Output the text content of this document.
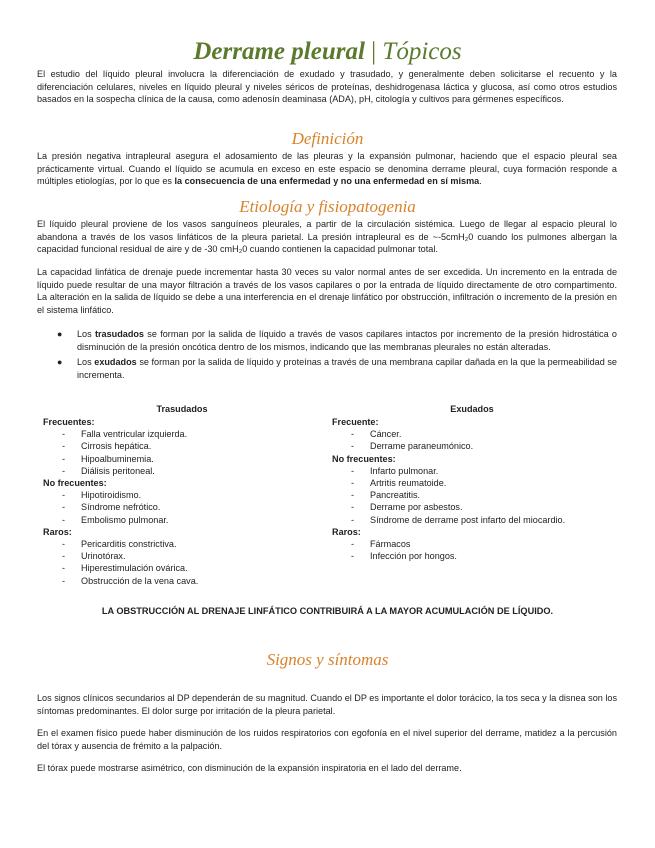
Derrame pleural | Tópicos

El estudio del líquido pleural involucra la diferenciación de exudado y trasudado, y generalmente deben solicitarse el recuento y la diferenciación celulares, niveles en líquido pleural y niveles séricos de proteínas, deshidrogenasa láctica y glucosa, así como otros estudios basados en la sospecha clínica de la causa, como adenosín deaminasa (ADA), pH, citología y cultivos para gérmenes específicos.

Definición

La presión negativa intrapleural asegura el adosamiento de las pleuras y la expansión pulmonar, haciendo que el espacio pleural sea prácticamente virtual. Cuando el líquido se acumula en exceso en este espacio se denomina derrame pleural, cuya formación responde a múltiples etiologías, por lo que es la consecuencia de una enfermedad y no una enfermedad en sí misma.

Etiología y fisiopatogenia

El líquido pleural proviene de los vasos sanguíneos pleurales, a partir de la circulación sistémica. Luego de llegar al espacio pleural lo abandona a través de los vasos linfáticos de la pleura parietal. La presión intrapleural es de ~-5cmH₂0 cuando los pulmones albergan la capacidad funcional residual de aire y de -30 cmH₂0 cuando contienen la capacidad pulmonar total.

La capacidad linfática de drenaje puede incrementar hasta 30 veces su valor normal antes de ser excedida. Un incremento en la entrada de líquido puede resultar de una mayor filtración a través de los vasos capilares o por la entrada de líquido directamente de otro compartimento. La alteración en la salida de líquido se debe a una interferencia en el drenaje linfático por obstrucción, infiltración o incremento de la presión en el sistema linfático.

● Los trasudados se forman por la salida de líquido a través de vasos capilares intactos por incremento de la presión hidrostática o disminución de la presión oncótica dentro de los mismos, indicando que las membranas pleurales no están alteradas.
● Los exudados se forman por la salida de líquido y proteínas a través de una membrana capilar dañada en la que la permeabilidad se incrementa.
Trasudados
Frecuentes:
- Falla ventricular izquierda.
- Cirrosis hepática.
- Hipoalbuminemia.
- Diálisis peritoneal.
No frecuentes:
- Hipotiroidismo.
- Síndrome nefrótico.
- Embolismo pulmonar.
Raros:
- Pericarditis constrictiva.
- Urinotórax.
- Hiperestimulación ovárica.
- Obstrucción de la vena cava.
Exudados
Frecuente:
- Cáncer.
- Derrame paraneumónico.
No frecuentes:
- Infarto pulmonar.
- Artritis reumatoide.
- Pancreatitis.
- Derrame por asbestos.
- Síndrome de derrame post infarto del miocardio.
Raros:
- Fármacos
- Infección por hongos.
LA OBSTRUCCIÓN AL DRENAJE LINFÁTICO CONTRIBUIRÁ A LA MAYOR ACUMULACIÓN DE LÍQUIDO.
Signos y síntomas

Los signos clínicos secundarios al DP dependerán de su magnitud. Cuando el DP es importante el dolor torácico, la tos seca y la disnea son los síntomas predominantes. El dolor surge por irritación de la pleura parietal.

En el examen físico puede haber disminución de los ruidos respiratorios con egofonía en el nivel superior del derrame, matidez a la percusión del tórax y ausencia de frémito a la palpación.

El tórax puede mostrarse asimétrico, con disminución de la expansión inspiratoria en el lado del derrame.
